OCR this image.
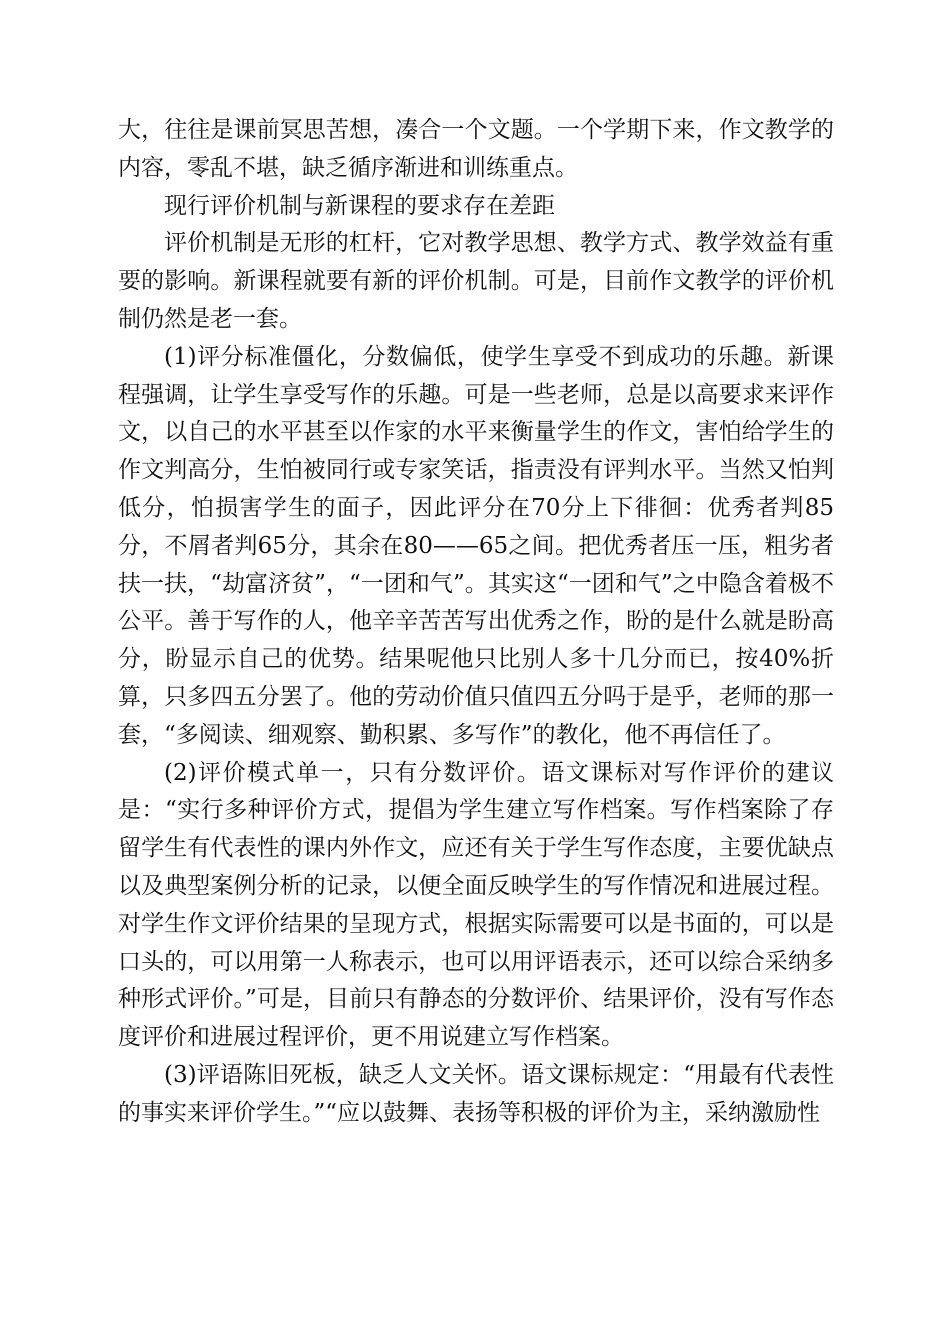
大，往往是课前冥思苦想，凑合一个文题。一个学期下来，作文教学的内容，零乱不堪，缺乏循序渐进和训练重点。

现行评价机制与新课程的要求存在差距

评价机制是无形的杠杆，它对教学思想、教学方式、教学效益有重要的影响。新课程就要有新的评价机制。可是，目前作文教学的评价机制仍然是老一套。

(1)评分标准僵化，分数偏低，使学生享受不到成功的乐趣。新课程强调，让学生享受写作的乐趣。可是一些老师，总是以高要求来评作文，以自己的水平甚至以作家的水平来衡量学生的作文，害怕给学生的作文判高分，生怕被同行或专家笑话，指责没有评判水平。当然又怕判低分，怕损害学生的面子，因此评分在70分上下徘徊：优秀者判85分，不屑者判65分，其余在80——65之间。把优秀者压一压，粗劣者扶一扶，“劫富济贫”，“一团和气”。其实这“一团和气”之中隐含着极不公平。善于写作的人，他辛辛苦苦写出优秀之作，盼的是什么就是盼高分，盼显示自己的优势。结果呢他只比别人多十几分而已，按40%折算，只多四五分罢了。他的劳动价值只值四五分吗于是乎，老师的那一套，“多阅读、细观察、勤积累、多写作”的教化，他不再信任了。

(2)评价模式单一，只有分数评价。语文课标对写作评价的建议是：“实行多种评价方式，提倡为学生建立写作档案。写作档案除了存留学生有代表性的课内外作文，应还有关于学生写作态度，主要优缺点以及典型案例分析的记录，以便全面反映学生的写作情况和进展过程。对学生作文评价结果的呈现方式，根据实际需要可以是书面的，可以是口头的，可以用第一人称表示，也可以用评语表示，还可以综合采纳多种形式评价。”可是，目前只有静态的分数评价、结果评价，没有写作态度评价和进展过程评价，更不用说建立写作档案。

(3)评语陈旧死板，缺乏人文关怀。语文课标规定：“用最有代表性的事实来评价学生。”“应以鼓舞、表扬等积极的评价为主，采纳激励性
